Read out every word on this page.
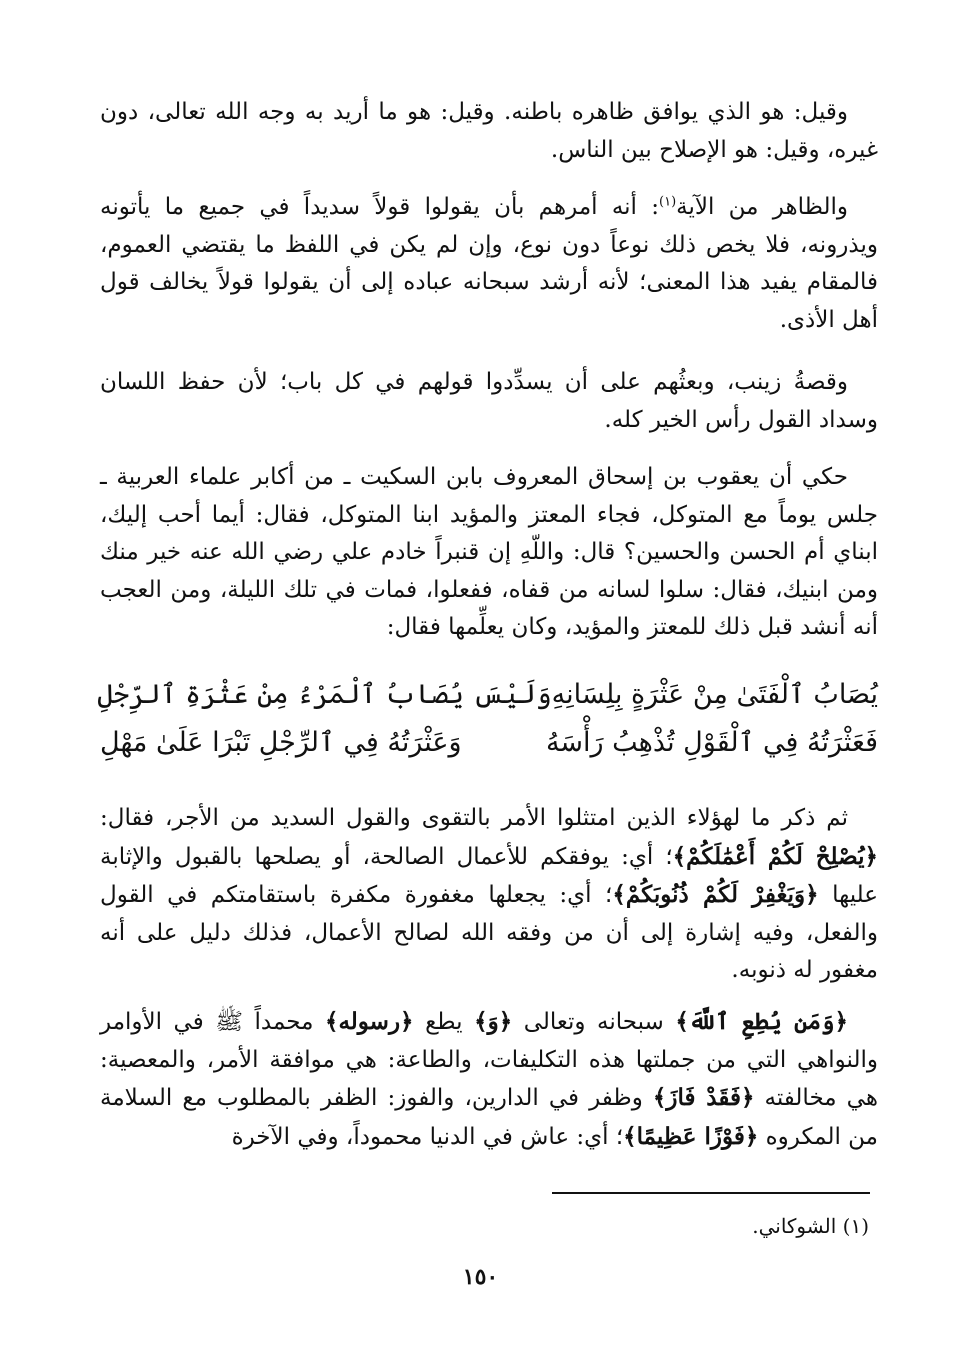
وقيل: هو الذي يوافق ظاهره باطنه. وقيل: هو ما أريد به وجه الله تعالى، دون غيره، وقيل: هو الإصلاح بين الناس.

والظاهر من الآية$^{(١)}$: أنه أمرهم بأن يقولوا قولاً سديداً في جميع ما يأتونه ويذرونه، فلا يخص ذلك نوعاً دون نوع، وإن لم يكن في اللفظ ما يقتضي العموم، فالمقام يفيد هذا المعنى؛ لأنه أرشد سبحانه عباده إلى أن يقولوا قولاً يخالف قول أهل الأذى.

وقصةُ زينب، وبعثُهم على أن يسدِّدوا قولهم في كل باب؛ لأن حفظ اللسان وسداد القول رأس الخير كله.

حكي أن يعقوب بن إسحاق المعروف بابن السكيت ـ من أكابر علماء العربية ـ جلس يوماً مع المتوكل، فجاء المعتز والمؤيد ابنا المتوكل، فقال: أيما أحب إليك، ابناي أم الحسن والحسين؟ قال: واللّهِ إن قنبراً خادم علي رضي الله عنه خير منك ومن ابنيك، فقال: سلوا لسانه من قفاه، ففعلوا، فمات في تلك الليلة، ومن العجب أنه أنشد قبل ذلك للمعتز والمؤيد، وكان يعلِّمها فقال:

يُصَابُ ٱلْفَتَىٰ مِنْ عَثْرَةٍ بِلِسَانِهِ
وَلَيْسَ يُصَابُ ٱلْمَرْءُ مِنْ عَثْرَةِ ٱلرِّجْلِ
فَعَثْرَتُهُ فِي ٱلْقَوْلِ تُذْهِبُ رَأْسَهُ
وَعَثْرَتُهُ فِي ٱلرِّجْلِ تَبْرَا عَلَىٰ مَهْلِ

ثم ذكر ما لهؤلاء الذين امتثلوا الأمر بالتقوى والقول السديد من الأجر، فقال: ﴿يُصْلِحْ لَكُمْ أَعْمَٰلَكُمْ﴾؛ أي: يوفقكم للأعمال الصالحة، أو يصلحها بالقبول والإثابة عليها ﴿وَيَغْفِرْ لَكُمْ ذُنُوبَكُمْ﴾؛ أي: يجعلها مغفورة مكفرة باستقامتكم في القول والفعل، وفيه إشارة إلى أن من وفقه الله لصالح الأعمال، فذلك دليل على أنه مغفور له ذنوبه.

﴿وَمَن يُطِعِ ٱللَّهَ﴾ سبحانه وتعالى ﴿وَ﴾ يطع ﴿رسوله﴾ محمداً ﷺ في الأوامر والنواهي التي من جملتها هذه التكليفات، والطاعة: هي موافقة الأمر، والمعصية: هي مخالفته ﴿فَقَدْ فَازَ﴾ وظفر في الدارين، والفوز: الظفر بالمطلوب مع السلامة من المكروه ﴿فَوْزًا عَظِيمًا﴾؛ أي: عاش في الدنيا محموداً، وفي الآخرة

(١) الشوكاني.
١٥٠
